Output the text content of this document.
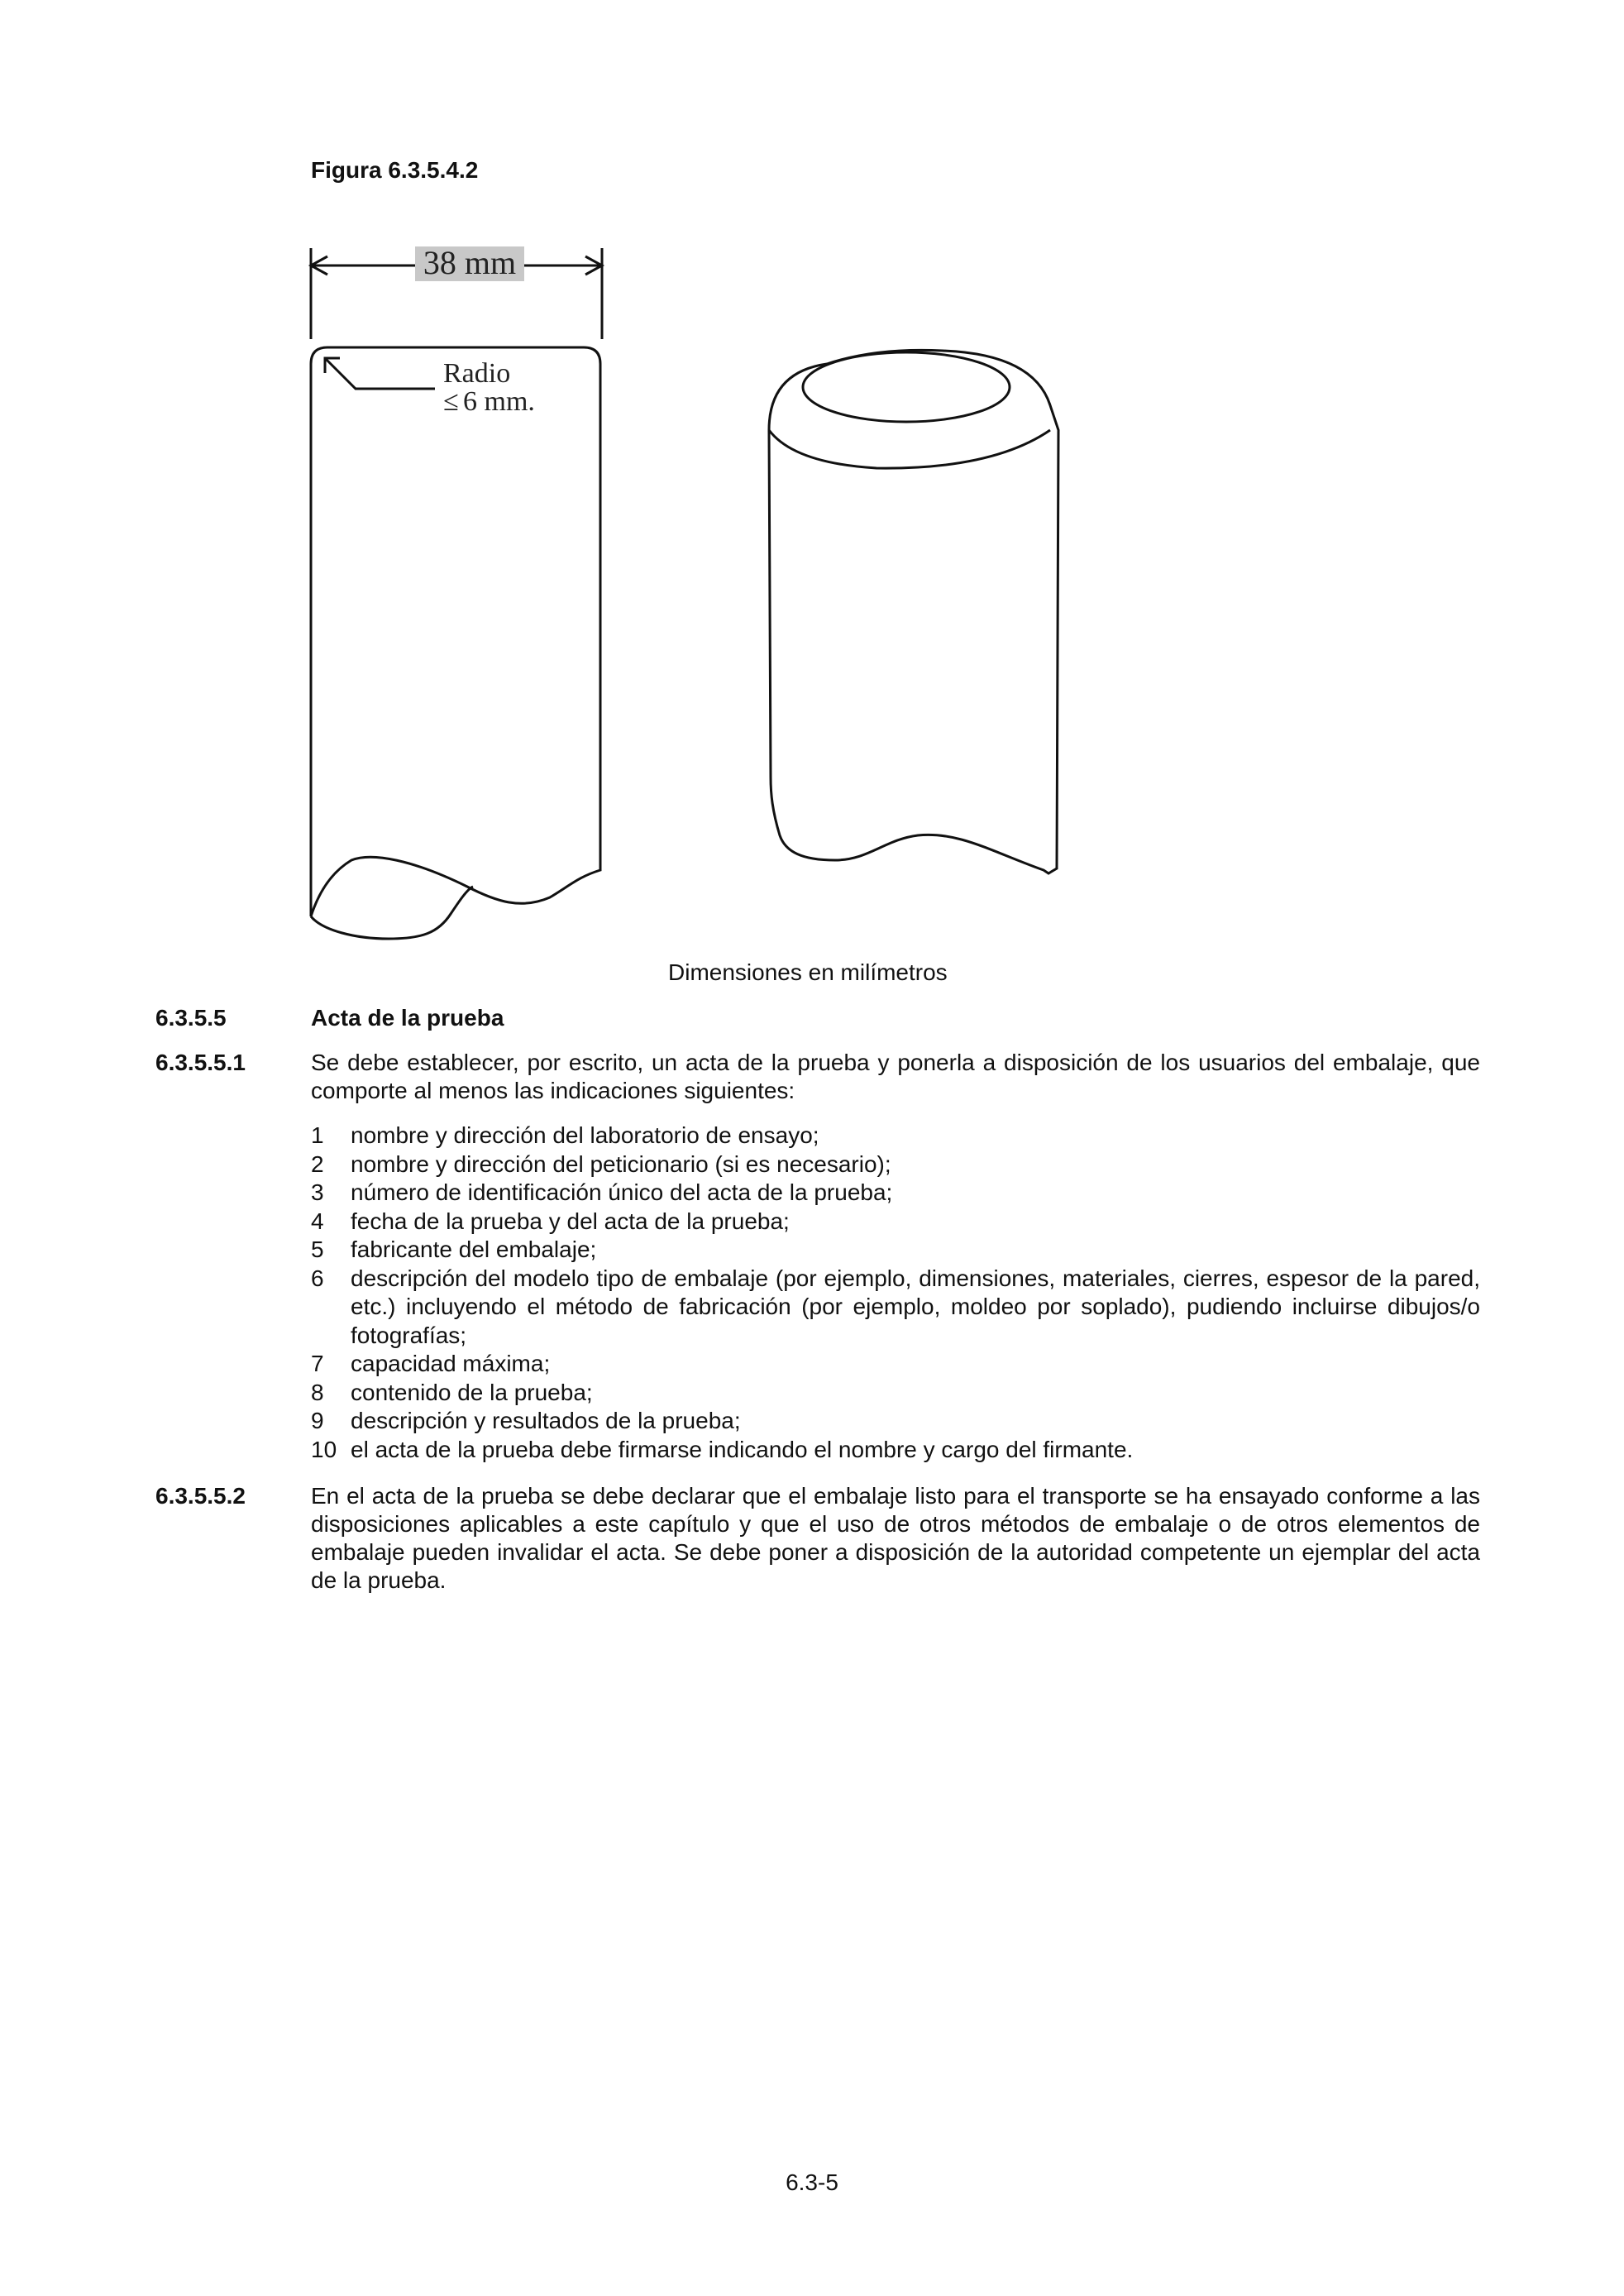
Figura 6.3.5.4.2
38 mm
Radio
≤ 6 mm.
Dimensiones en milímetros
6.3.5.5	Acta de la prueba
6.3.5.5.1	Se debe establecer, por escrito, un acta de la prueba y ponerla a disposición de los usuarios del embalaje, que comporte al menos las indicaciones siguientes:
1	nombre y dirección del laboratorio de ensayo;
2	nombre y dirección del peticionario (si es necesario);
3	número de identificación único del acta de la prueba;
4	fecha de la prueba y del acta de la prueba;
5	fabricante del embalaje;
6	descripción del modelo tipo de embalaje (por ejemplo, dimensiones, materiales, cierres, espesor de la pared, etc.) incluyendo el método de fabricación (por ejemplo, moldeo por soplado), pudiendo incluirse dibujos/o fotografías;
7	capacidad máxima;
8	contenido de la prueba;
9	descripción y resultados de la prueba;
10 el acta de la prueba debe firmarse indicando el nombre y cargo del firmante.
6.3.5.5.2	En el acta de la prueba se debe declarar que el embalaje listo para el transporte se ha ensayado conforme a las disposiciones aplicables a este capítulo y que el uso de otros métodos de embalaje o de otros elementos de embalaje pueden invalidar el acta. Se debe poner a disposición de la autoridad competente un ejemplar del acta de la prueba.
6.3-5
